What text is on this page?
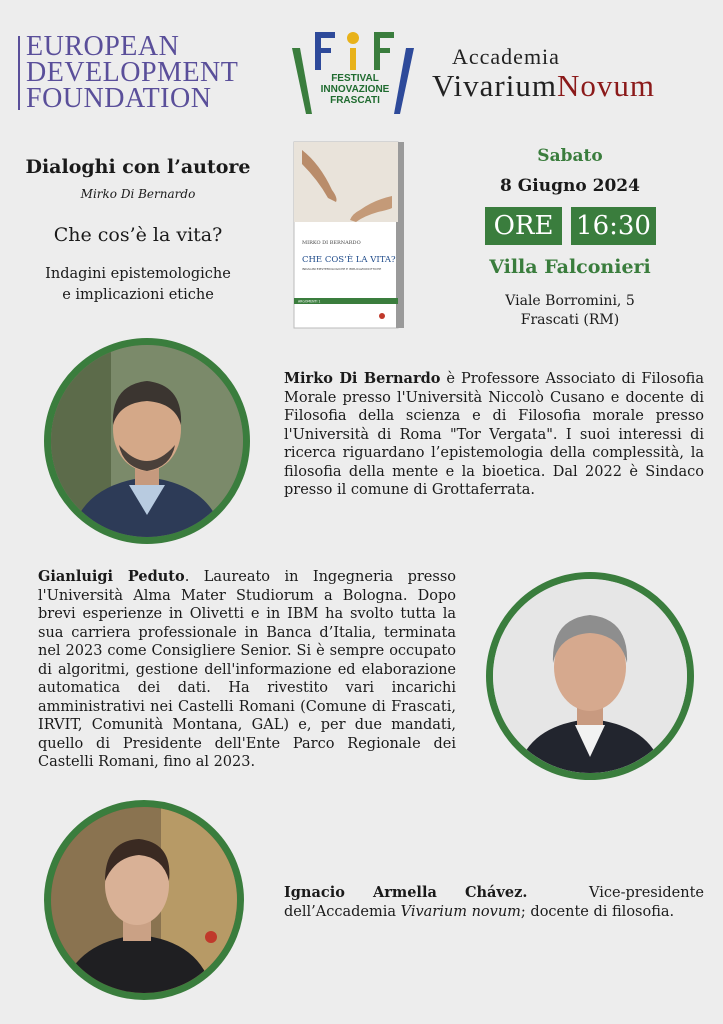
EUROPEAN
DEVELOPMENT
FOUNDATION
FESTIVAL
INNOVAZIONE
FRASCATI
Accademia
VivariumNovum
Dialoghi con l’autore
Mirko Di Bernardo
Che cos’è la vita?
Indagini epistemologiche
e implicazioni etiche
MIRKO DI BERNARDO
CHE COS’È LA VITA?
INDAGINI EPISTEMOLOGICHE E IMPLICAZIONI ETICHE
ARGOMENTI 1
Sabato
8 Giugno 2024
ORE 16:30
Villa Falconieri
Viale Borromini, 5
Frascati (RM)
Mirko Di Bernardo è Professore Associato di Filosofia Morale presso l'Università Niccolò Cusano e docente di Filosofia della scienza e di Filosofia morale presso l'Università di Roma "Tor Vergata". I suoi interessi di ricerca riguardano l’epistemologia della complessità, la filosofia della mente e la bioetica. Dal 2022 è Sindaco presso il comune di Grottaferrata.
Gianluigi Peduto. Laureato in Ingegneria presso l'Università Alma Mater Studiorum a Bologna. Dopo brevi esperienze in Olivetti e in IBM ha svolto tutta la sua carriera professionale in Banca d’Italia, terminata nel 2023 come Consigliere Senior. Si è sempre occupato di algoritmi, gestione dell'informazione ed elaborazione automatica dei dati. Ha rivestito vari incarichi amministrativi nei Castelli Romani (Comune di Frascati, IRVIT, Comunità Montana, GAL) e, per due mandati, quello di Presidente dell'Ente Parco Regionale dei Castelli Romani, fino al 2023.
Ignacio Armella Chávez. Vice-presidente dell’Accademia Vivarium novum; docente di filosofia.
